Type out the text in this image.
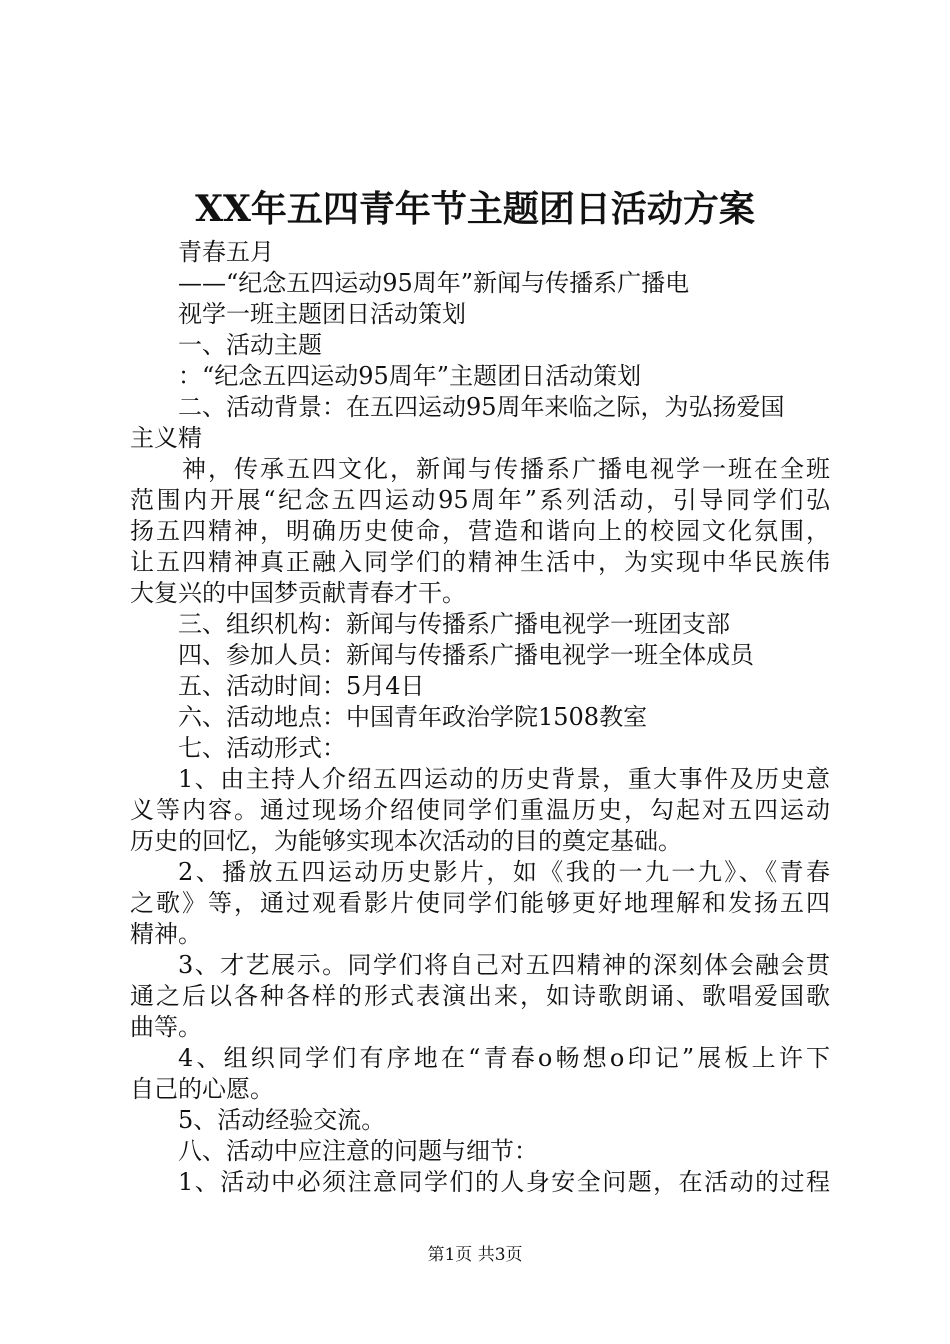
XX年五四青年节主题团日活动方案
青春五月
——“纪念五四运动95周年”新闻与传播系广播电
视学一班主题团日活动策划
一、活动主题
：“纪念五四运动95周年”主题团日活动策划
二、活动背景：在五四运动95周年来临之际，为弘扬爱国
主义精
神，传承五四文化，新闻与传播系广播电视学一班在全班
范围内开展“纪念五四运动95周年”系列活动，引导同学们弘
扬五四精神，明确历史使命，营造和谐向上的校园文化氛围，
让五四精神真正融入同学们的精神生活中，为实现中华民族伟
大复兴的中国梦贡献青春才干。
三、组织机构：新闻与传播系广播电视学一班团支部
四、参加人员：新闻与传播系广播电视学一班全体成员
五、活动时间：5月4日
六、活动地点：中国青年政治学院1508教室
七、活动形式：
1、由主持人介绍五四运动的历史背景，重大事件及历史意
义等内容。通过现场介绍使同学们重温历史，勾起对五四运动
历史的回忆，为能够实现本次活动的目的奠定基础。
2、播放五四运动历史影片，如《我的一九一九》、《青春
之歌》等，通过观看影片使同学们能够更好地理解和发扬五四
精神。
3、才艺展示。同学们将自己对五四精神的深刻体会融会贯
通之后以各种各样的形式表演出来，如诗歌朗诵、歌唱爱国歌
曲等。
4、组织同学们有序地在“青春o畅想o印记”展板上许下
自己的心愿。
5、活动经验交流。
八、活动中应注意的问题与细节：
1、活动中必须注意同学们的人身安全问题，在活动的过程
第1页 共3页
